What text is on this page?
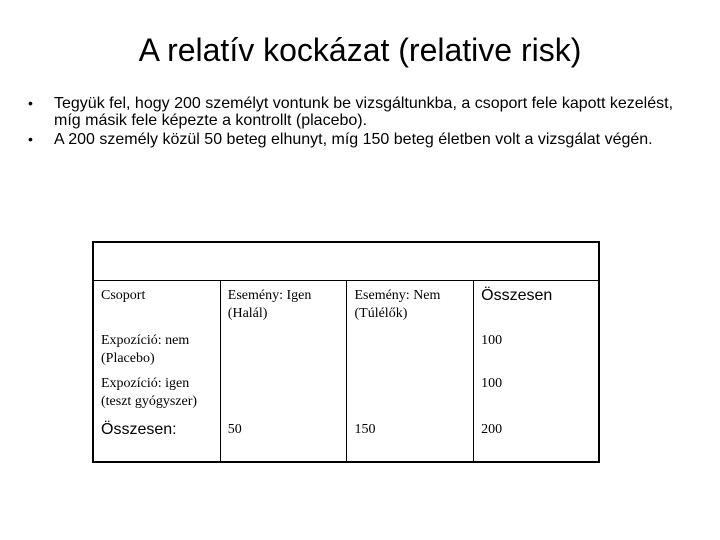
A relatív kockázat (relative risk)
•	Tegyük fel, hogy 200 személyt vontunk be vizsgáltunkba, a csoport fele kapott kezelést, míg másik fele képezte a kontrollt (placebo).
•	A 200 személy közül 50 beteg elhunyt, míg 150 beteg életben volt a vizsgálat végén.

Csoport	Esemény: Igen (Halál)	Esemény: Nem (Túlélők)	Összesen
Expozíció: nem (Placebo)			100
Expozíció: igen (teszt gyógyszer)			100
Összesen:	50	150	200
